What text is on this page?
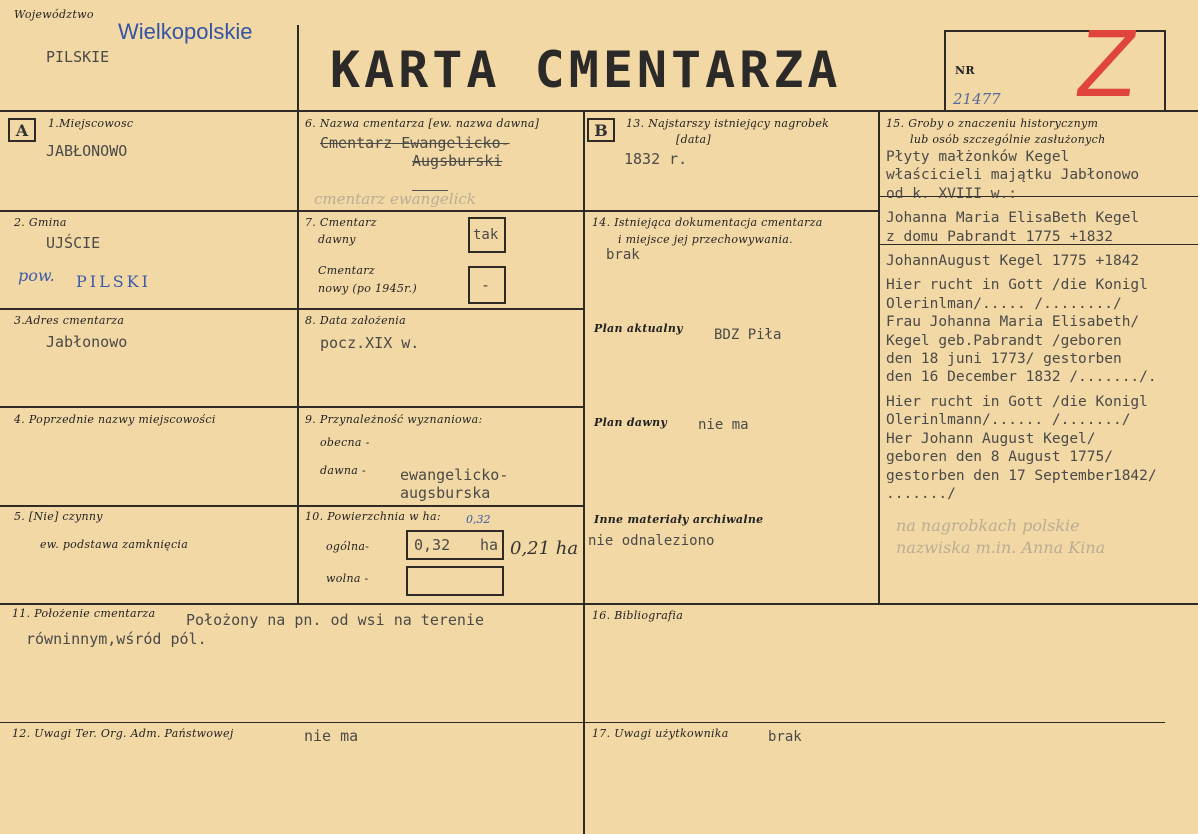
Województwo
Wielkopolskie
PILSKIE	KARTA CMENTARZA	NR
21477 Z
A	B
1.Miejscowosc
JABŁONOWO
2. Gmina
UJŚCIE
pow. PILSKI
3.Adres cmentarza
Jabłonowo
4. Poprzednie nazwy miejscowości
5. [Nie] czynny
ew. podstawa zamknięcia
6. Nazwa cmentarza [ew. nazwa dawna]
Cmentarz Ewangelicko-
Augsburski
cmentarz ewangelick
7. Cmentarz
dawny	tak
Cmentarz
nowy (po 1945r.)	-
8. Data założenia
pocz.XIX w.
9. Przynależność wyznaniowa:
obecna -
dawna - ewangelicko-
augsburska
10. Powierzchnia w ha: 0,32
ogólna-	0,32 ha 0,21 ha
wolna -
13. Najstarszy istniejący nagrobek
[data]
1832 r.
14. Istniejąca dokumentacja cmentarza
i miejsce jej przechowywania.
brak
Plan aktualny BDZ Piła
Plan dawny nie ma
Inne materiały archiwalne
nie odnaleziono
15. Groby o znaczeniu historycznym
lub osób szczególnie zasłużonych
Płyty małżonków Kegel
właścicieli majątku Jabłonowo
od k. XVIII w.:

Johanna Maria ElisaBeth Kegel
z domu Pabrandt 1775 +1832

JohannAugust Kegel 1775 +1842

Hier rucht in Gott /die Konigl
Olerinlman/..... /......../
Frau Johanna Maria Elisabeth/
Kegel geb.Pabrandt /geboren
den 18 juni 1773/ gestorben
den 16 December 1832 /......./.

Hier rucht in Gott /die Konigl
Olerinlmann/...... /......./
Her Johann August Kegel/
geboren den 8 August 1775/
gestorben den 17 September1842/
......./
na nagrobkach polskie
nazwiska m.in. Anna Kina
11. Położenie cmentarza Położony na pn. od wsi na terenie
równinnym,wśród pól.
12. Uwagi Ter. Org. Adm. Państwowej	nie ma
16. Bibliografia
17. Uwagi użytkownika	brak
